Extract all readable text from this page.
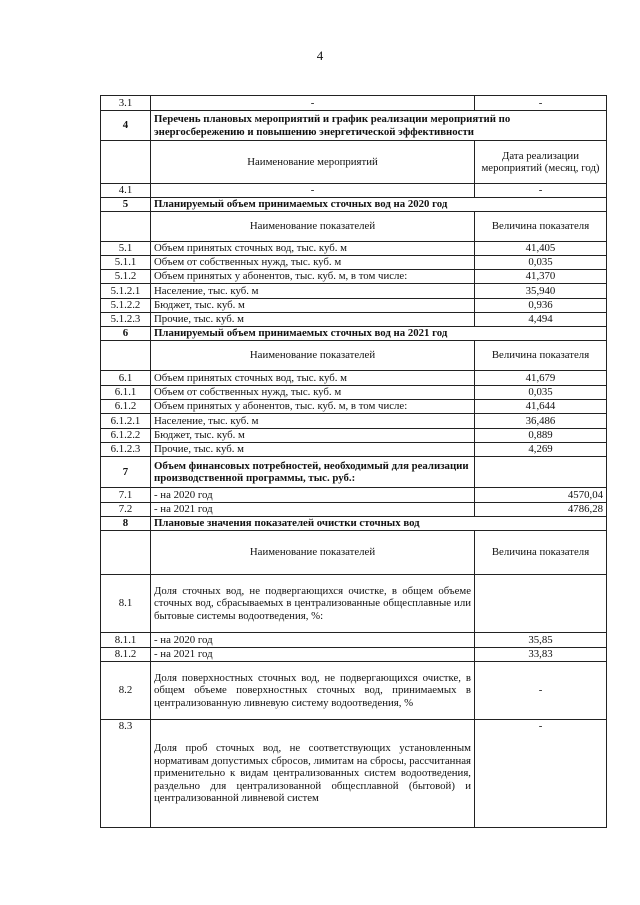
4
3.1	-	-
4	Перечень плановых мероприятий и график реализации мероприятий по энергосбережению и повышению энергетической эффективности	
	Наименование мероприятий	Дата реализации мероприятий (месяц, год)
4.1	-	-
5	Планируемый объем принимаемых сточных вод на 2020 год	
	Наименование показателей	Величина показателя
5.1	Объем принятых сточных вод, тыс. куб. м	41,405
5.1.1	Объем от собственных нужд, тыс. куб. м	0,035
5.1.2	Объем принятых у абонентов, тыс. куб. м, в том числе:	41,370
5.1.2.1	Население, тыс. куб. м	35,940
5.1.2.2	Бюджет, тыс. куб. м	0,936
5.1.2.3	Прочие, тыс. куб. м	4,494
6	Планируемый объем принимаемых сточных вод на 2021 год	
	Наименование показателей	Величина показателя
6.1	Объем принятых сточных вод, тыс. куб. м	41,679
6.1.1	Объем от собственных нужд, тыс. куб. м	0,035
6.1.2	Объем принятых у абонентов, тыс. куб. м, в том числе:	41,644
6.1.2.1	Население, тыс. куб. м	36,486
6.1.2.2	Бюджет, тыс. куб. м	0,889
6.1.2.3	Прочие, тыс. куб. м	4,269
7	Объем финансовых потребностей, необходимый для реализации производственной программы, тыс. руб.:	
7.1	- на 2020 год	4570,04
7.2	- на 2021 год	4786,28
8	Плановые значения показателей очистки сточных вод	
	Наименование показателей	Величина показателя
8.1	Доля сточных вод, не подвергающихся очистке, в общем объеме сточных вод, сбрасываемых в централизованные общесплавные или бытовые системы водоотведения, %:	
8.1.1	- на 2020 год	35,85
8.1.2	- на 2021 год	33,83
8.2	Доля поверхностных сточных вод, не подвергающихся очистке, в общем объеме поверхностных сточных вод, принимаемых в централизованную ливневую систему водоотведения, %	-
8.3	Доля проб сточных вод, не соответствующих установленным нормативам допустимых сбросов, лимитам на сбросы, рассчитанная применительно к видам централизованных систем водоотведения, раздельно для централизованной общесплавной (бытовой) и централизованной ливневой систем	-
